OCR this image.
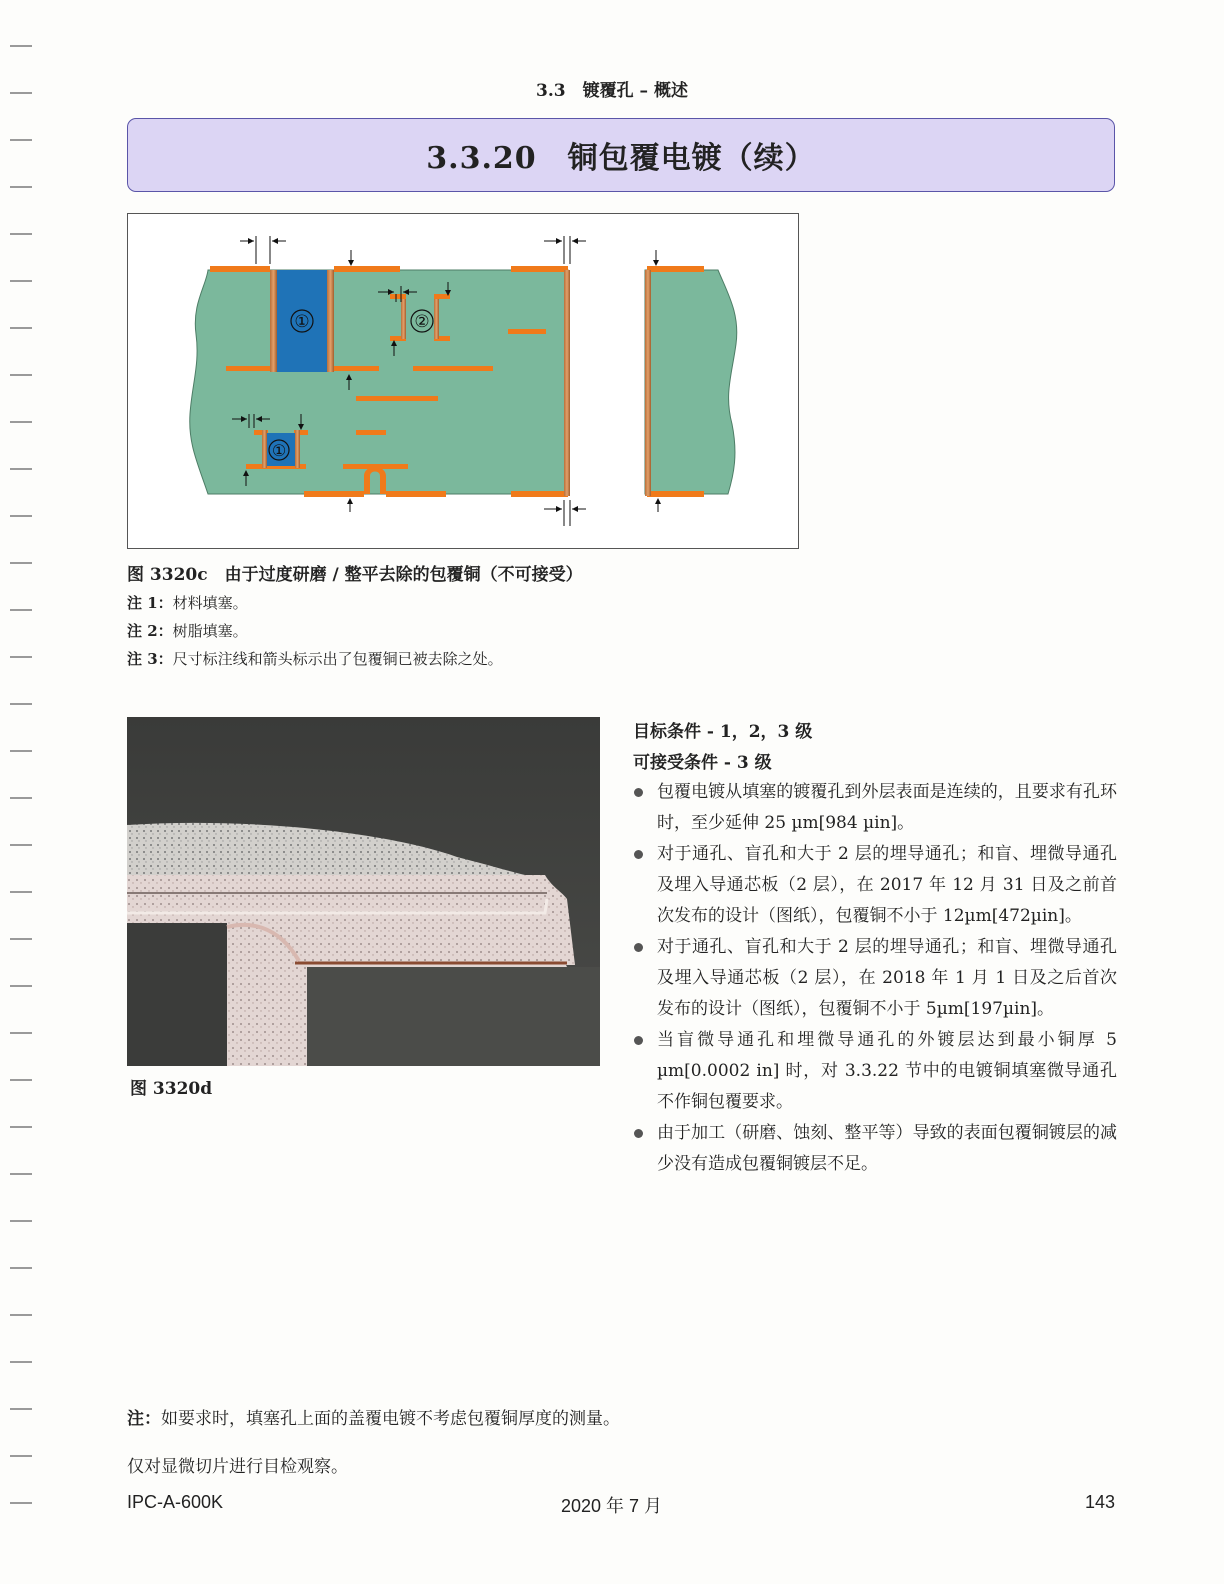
3.3　镀覆孔 – 概述
3.3.20　铜包覆电镀（续）
①	②
①
图 3320c　由于过度研磨 / 整平去除的包覆铜（不可接受）
注 1：材料填塞。
注 2：树脂填塞。
注 3：尺寸标注线和箭头标示出了包覆铜已被去除之处。
图 3320d
目标条件 - 1，2，3 级
可接受条件 - 3 级
包覆电镀从填塞的镀覆孔到外层表面是连续的，且要求有孔环时，至少延伸 25 µm[984 µin]。
对于通孔、盲孔和大于 2 层的埋导通孔；和盲、埋微导通孔及埋入导通芯板（2 层），在 2017 年 12 月 31 日及之前首次发布的设计（图纸），包覆铜不小于 12µm[472µin]。
对于通孔、盲孔和大于 2 层的埋导通孔；和盲、埋微导通孔及埋入导通芯板（2 层），在 2018 年 1 月 1 日及之后首次发布的设计（图纸），包覆铜不小于 5µm[197µin]。
当盲微导通孔和埋微导通孔的外镀层达到最小铜厚 5 µm[0.0002 in] 时，对 3.3.22 节中的电镀铜填塞微导通孔不作铜包覆要求。
由于加工（研磨、蚀刻、整平等）导致的表面包覆铜镀层的减少没有造成包覆铜镀层不足。
注：如要求时，填塞孔上面的盖覆电镀不考虑包覆铜厚度的测量。
仅对显微切片进行目检观察。
IPC-A-600K	2020 年 7 月	143
